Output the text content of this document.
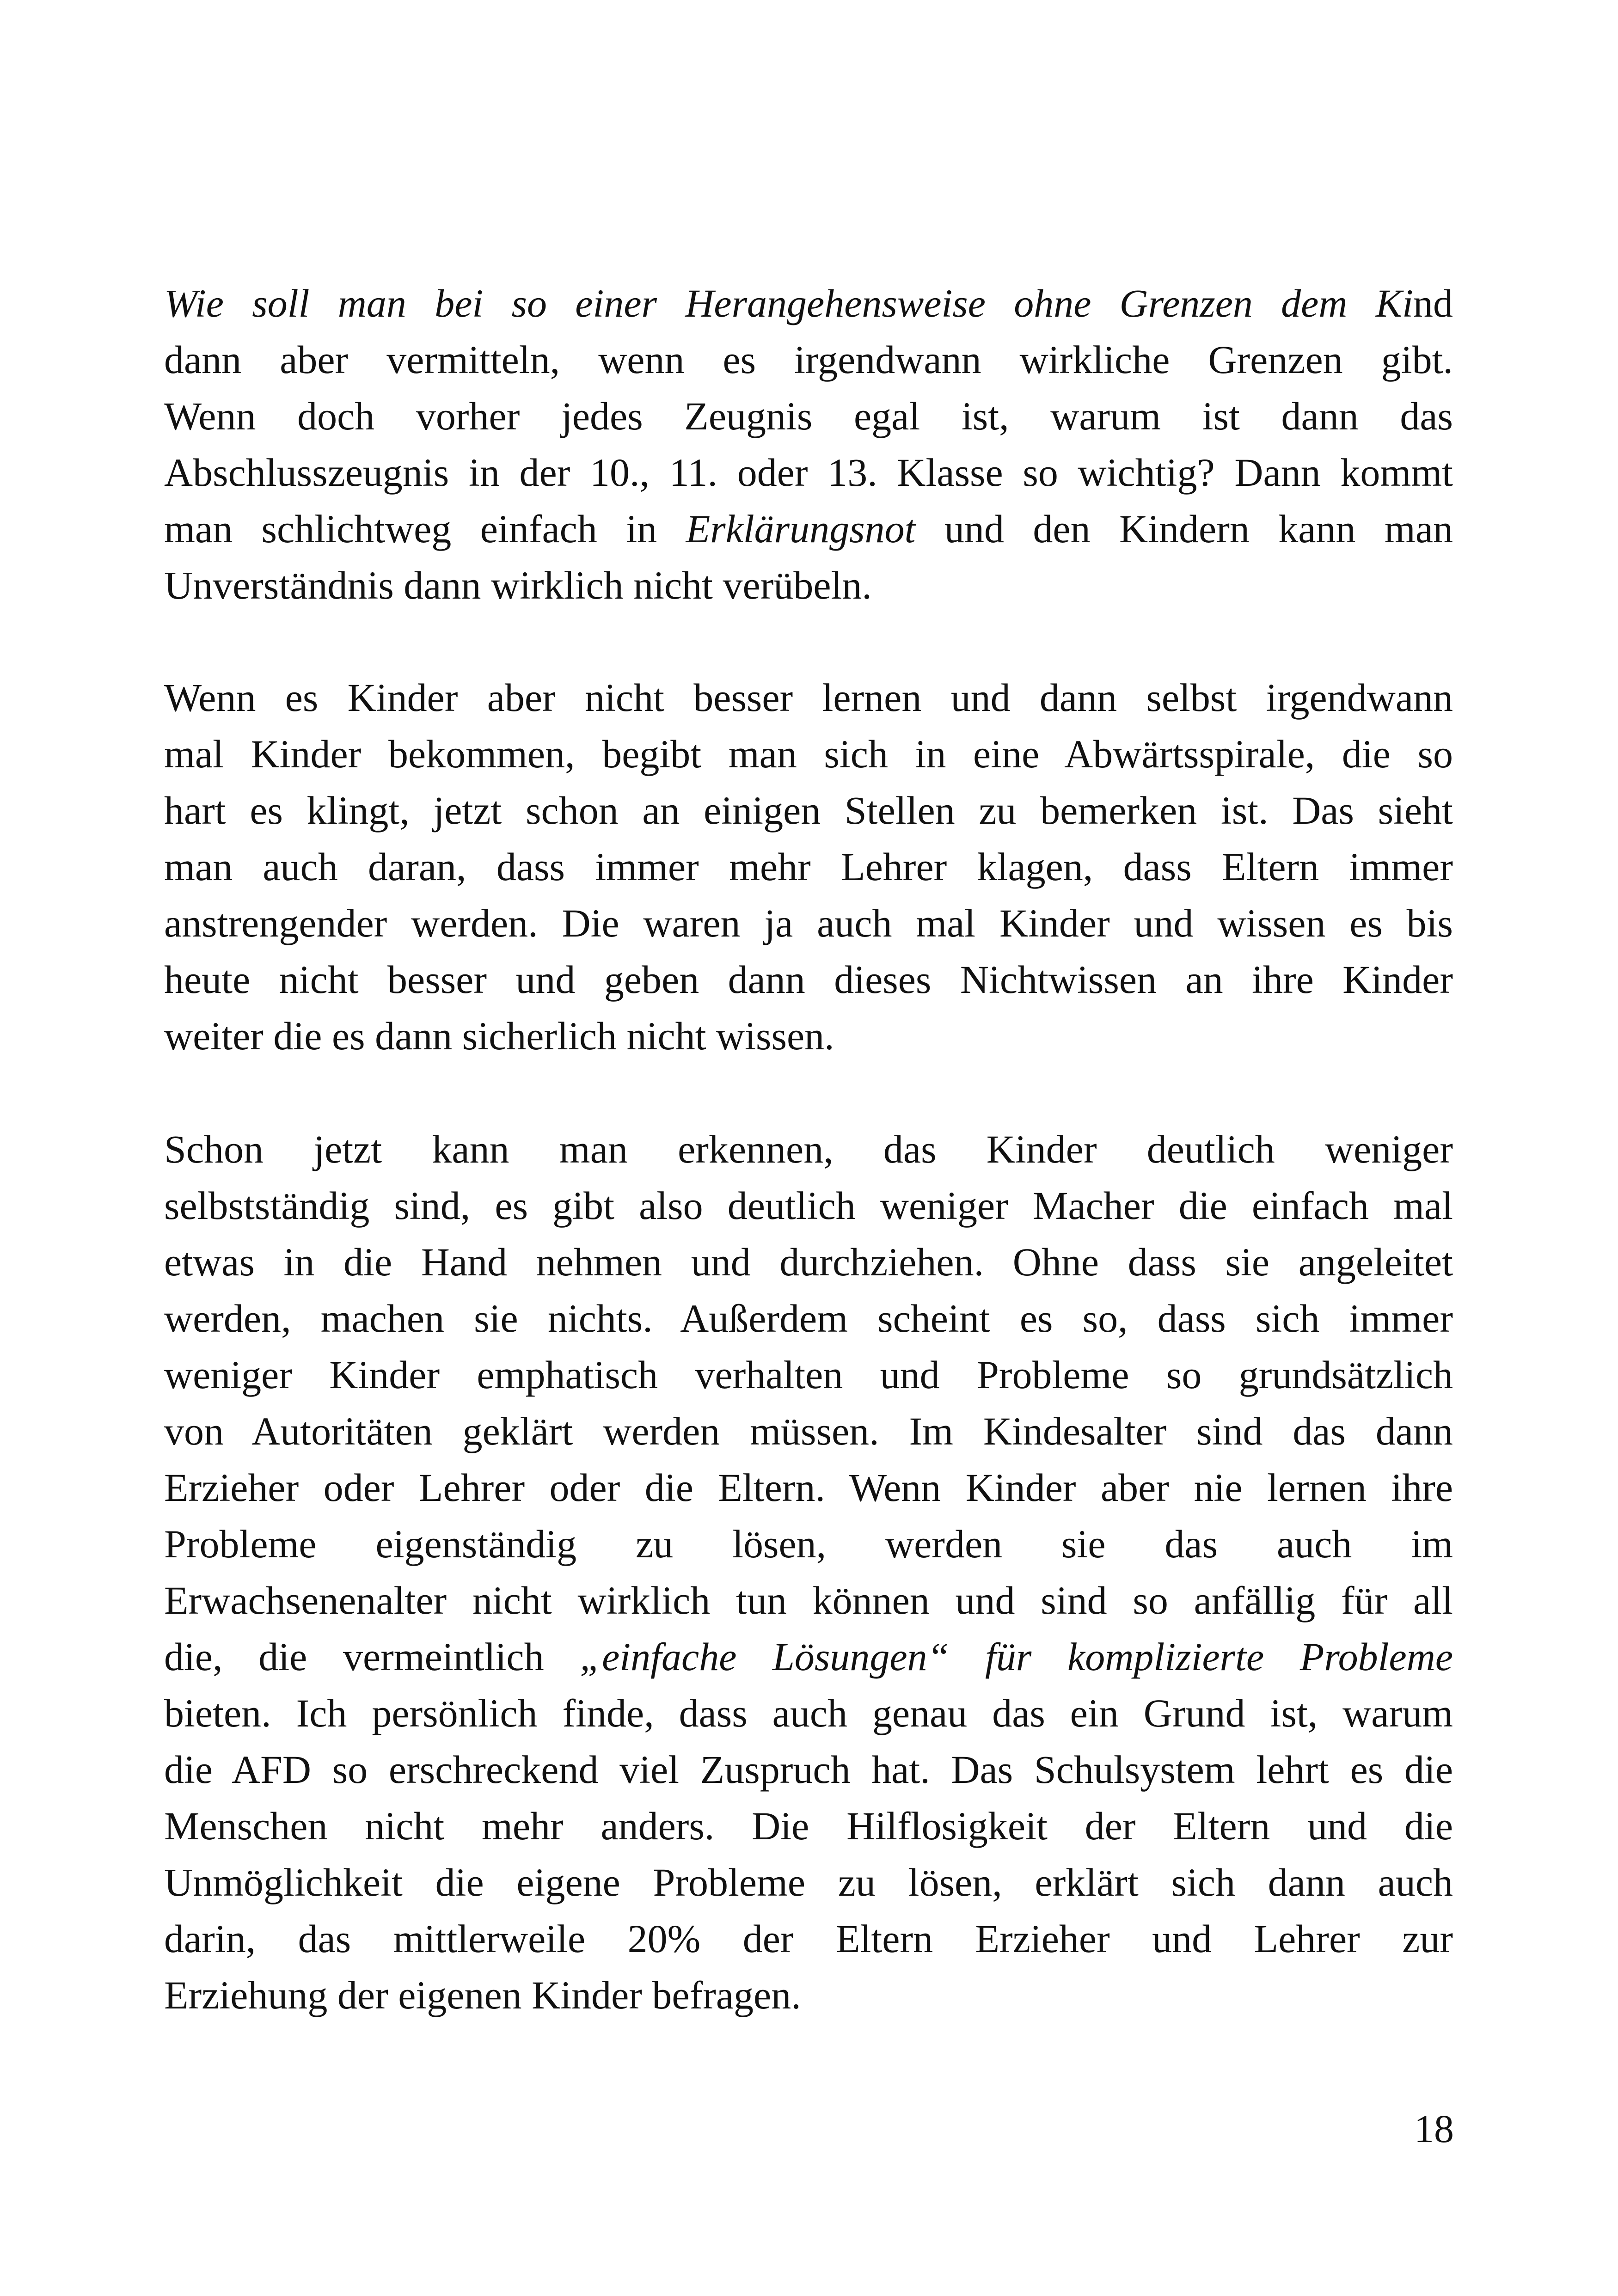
Wie soll man bei so einer Herangehensweise ohne Grenzen dem Kind
dann aber vermitteln, wenn es irgendwann wirkliche Grenzen gibt.
Wenn doch vorher jedes Zeugnis egal ist, warum ist dann das
Abschlusszeugnis in der 10., 11. oder 13. Klasse so wichtig? Dann kommt
man schlichtweg einfach in Erklärungsnot und den Kindern kann man
Unverständnis dann wirklich nicht verübeln.
Wenn es Kinder aber nicht besser lernen und dann selbst irgendwann
mal Kinder bekommen, begibt man sich in eine Abwärtsspirale, die so
hart es klingt, jetzt schon an einigen Stellen zu bemerken ist. Das sieht
man auch daran, dass immer mehr Lehrer klagen, dass Eltern immer
anstrengender werden. Die waren ja auch mal Kinder und wissen es bis
heute nicht besser und geben dann dieses Nichtwissen an ihre Kinder
weiter die es dann sicherlich nicht wissen.
Schon jetzt kann man erkennen, das Kinder deutlich weniger
selbstständig sind, es gibt also deutlich weniger Macher die einfach mal
etwas in die Hand nehmen und durchziehen. Ohne dass sie angeleitet
werden, machen sie nichts. Außerdem scheint es so, dass sich immer
weniger Kinder emphatisch verhalten und Probleme so grundsätzlich
von Autoritäten geklärt werden müssen. Im Kindesalter sind das dann
Erzieher oder Lehrer oder die Eltern. Wenn Kinder aber nie lernen ihre
Probleme eigenständig zu lösen, werden sie das auch im
Erwachsenenalter nicht wirklich tun können und sind so anfällig für all
die, die vermeintlich „einfache Lösungen“ für komplizierte Probleme
bieten. Ich persönlich finde, dass auch genau das ein Grund ist, warum
die AFD so erschreckend viel Zuspruch hat. Das Schulsystem lehrt es die
Menschen nicht mehr anders. Die Hilflosigkeit der Eltern und die
Unmöglichkeit die eigene Probleme zu lösen, erklärt sich dann auch
darin, das mittlerweile 20% der Eltern Erzieher und Lehrer zur
Erziehung der eigenen Kinder befragen.
18
